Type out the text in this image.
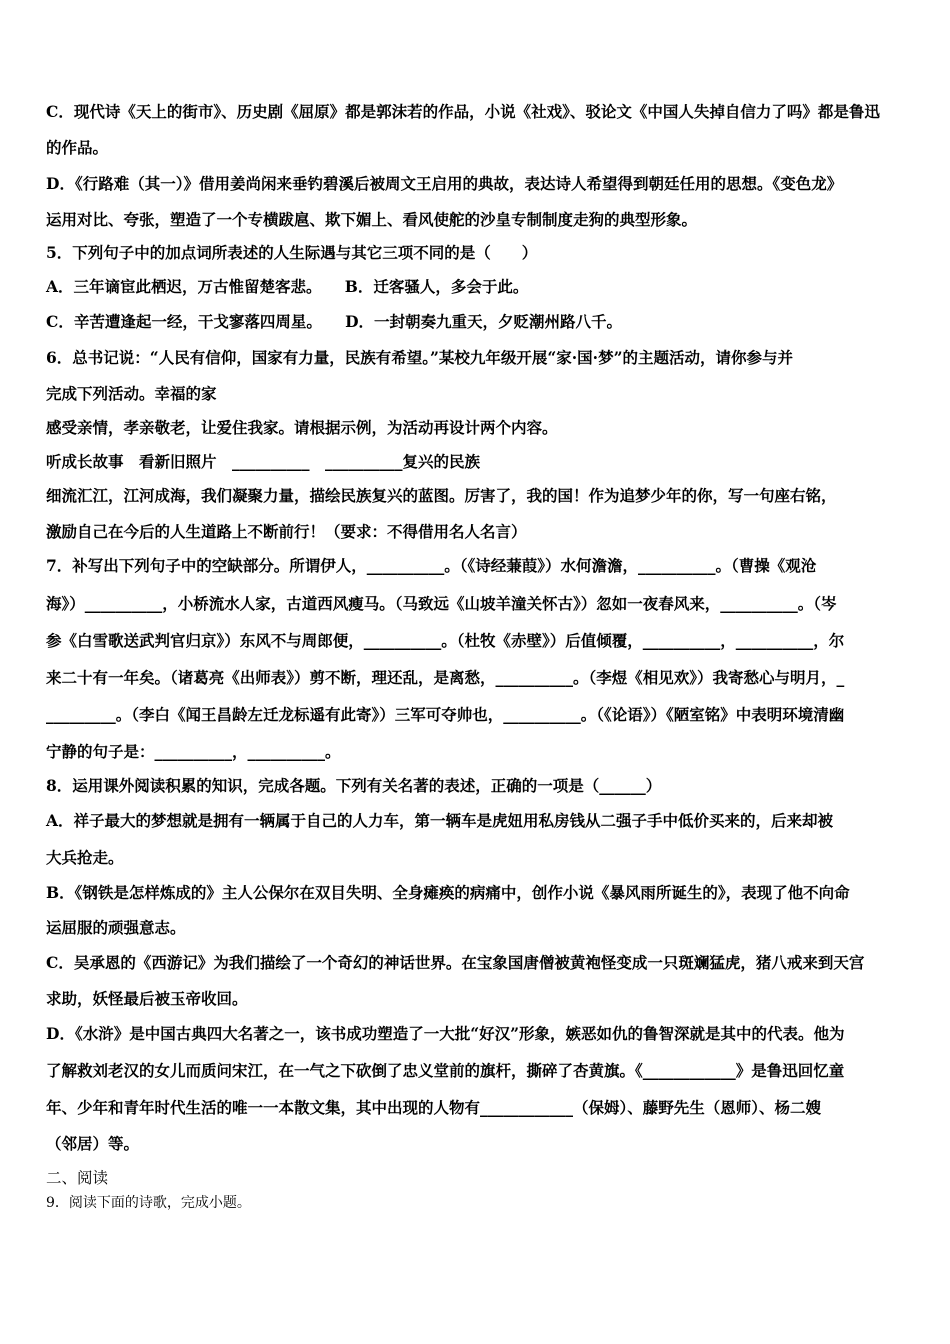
C．现代诗《天上的街市》、历史剧《屈原》都是郭沫若的作品，小说《社戏》、驳论文《中国人失掉自信力了吗》都是鲁迅
的作品。
D．《行路难（其一）》借用姜尚闲来垂钓碧溪后被周文王启用的典故，表达诗人希望得到朝廷任用的思想。《变色龙》
运用对比、夸张，塑造了一个专横跋扈、欺下媚上、看风使舵的沙皇专制制度走狗的典型形象。
5．下列句子中的加点词所表述的人生际遇与其它三项不同的是（　　）
A．三年谪宦此栖迟，万古惟留楚客悲。　　B．迁客骚人，多会于此。
C．辛苦遭逢起一经，干戈寥落四周星。　　D．一封朝奏九重天，夕贬潮州路八千。
6．总书记说：“人民有信仰，国家有力量，民族有希望。”某校九年级开展“家·国·梦”的主题活动，请你参与并
完成下列活动。幸福的家
感受亲情，孝亲敬老，让爱住我家。请根据示例，为活动再设计两个内容。
听成长故事　看新旧照片　__________　__________复兴的民族
细流汇江，江河成海，我们凝聚力量，描绘民族复兴的蓝图。厉害了，我的国！作为追梦少年的你，写一句座右铭，
激励自己在今后的人生道路上不断前行！（要求：不得借用名人名言）
7．补写出下列句子中的空缺部分。所谓伊人，__________。（《诗经蒹葭》）水何澹澹，__________。（曹操《观沧
海》）__________，小桥流水人家，古道西风瘦马。（马致远《山坡羊潼关怀古》）忽如一夜春风来，__________。（岑
参《白雪歌送武判官归京》）东风不与周郎便，__________。（杜牧《赤壁》）后值倾覆，__________，__________，尔
来二十有一年矣。（诸葛亮《出师表》）剪不断，理还乱，是离愁，__________。（李煜《相见欢》）我寄愁心与明月，_
_________。（李白《闻王昌龄左迁龙标遥有此寄》）三军可夺帅也，__________。（《论语》）《陋室铭》中表明环境清幽
宁静的句子是：__________，__________。
8．运用课外阅读积累的知识，完成各题。下列有关名著的表述，正确的一项是（______）
A．祥子最大的梦想就是拥有一辆属于自己的人力车，第一辆车是虎妞用私房钱从二强子手中低价买来的，后来却被
大兵抢走。
B．《钢铁是怎样炼成的》主人公保尔在双目失明、全身瘫痪的病痛中，创作小说《暴风雨所诞生的》，表现了他不向命
运屈服的顽强意志。
C．吴承恩的《西游记》为我们描绘了一个奇幻的神话世界。在宝象国唐僧被黄袍怪变成一只斑斓猛虎，猪八戒来到天宫
求助，妖怪最后被玉帝收回。
D．《水浒》是中国古典四大名著之一，该书成功塑造了一大批“好汉”形象，嫉恶如仇的鲁智深就是其中的代表。他为
了解救刘老汉的女儿而质问宋江，在一气之下砍倒了忠义堂前的旗杆，撕碎了杏黄旗。《____________》是鲁迅回忆童
年、少年和青年时代生活的唯一一本散文集，其中出现的人物有____________（保姆）、藤野先生（恩师）、杨二嫂
（邻居）等。
二、阅读
9．阅读下面的诗歌，完成小题。
